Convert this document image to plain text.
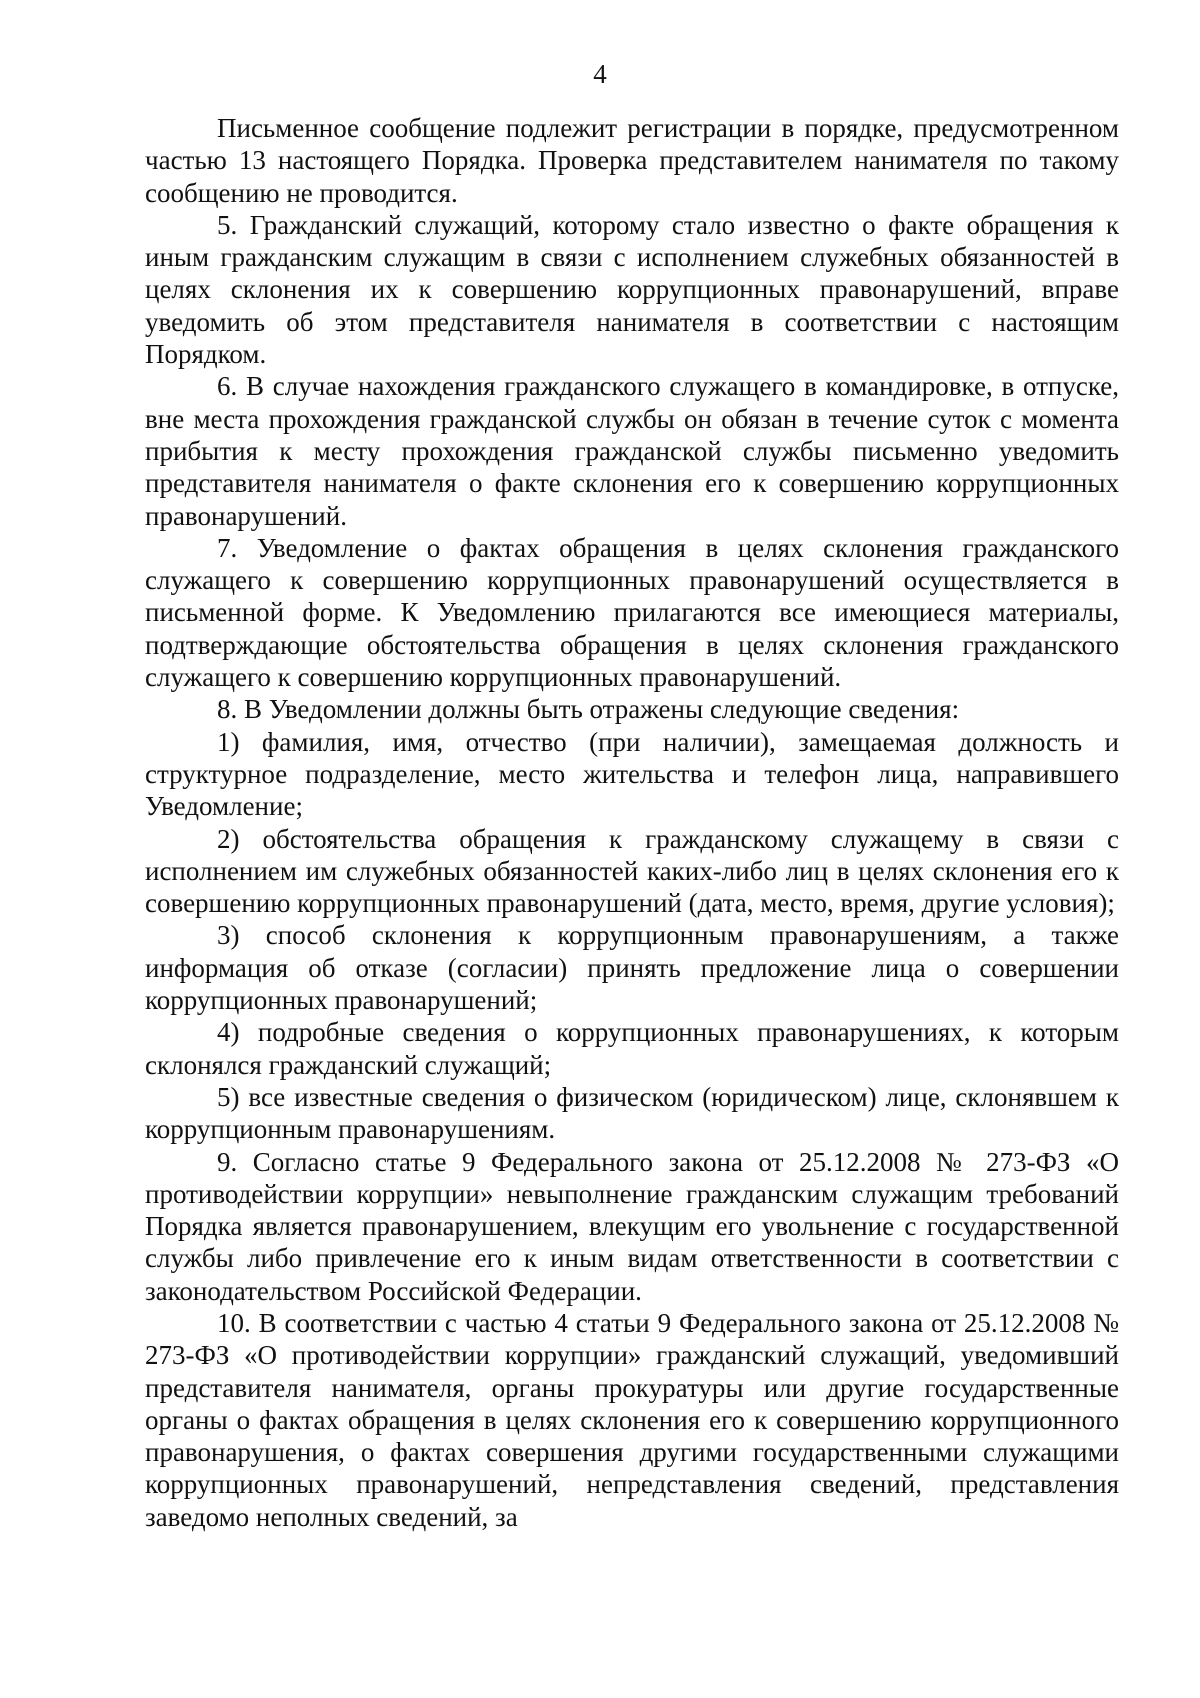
4

Письменное сообщение подлежит регистрации в порядке, предусмотренном частью 13 настоящего Порядка. Проверка представителем нанимателя по такому сообщению не проводится.

5. Гражданский служащий, которому стало известно о факте обращения к иным гражданским служащим в связи с исполнением служебных обязанностей в целях склонения их к совершению коррупционных правонарушений, вправе уведомить об этом представителя нанимателя в соответствии с настоящим Порядком.

6. В случае нахождения гражданского служащего в командировке, в отпуске, вне места прохождения гражданской службы он обязан в течение суток с момента прибытия к месту прохождения гражданской службы письменно уведомить представителя нанимателя о факте склонения его к совершению коррупционных правонарушений.

7. Уведомление о фактах обращения в целях склонения гражданского служащего к совершению коррупционных правонарушений осуществляется в письменной форме. К Уведомлению прилагаются все имеющиеся материалы, подтверждающие обстоятельства обращения в целях склонения гражданского служащего к совершению коррупционных правонарушений.

8. В Уведомлении должны быть отражены следующие сведения:

1) фамилия, имя, отчество (при наличии), замещаемая должность и структурное подразделение, место жительства и телефон лица, направившего Уведомление;

2) обстоятельства обращения к гражданскому служащему в связи с исполнением им служебных обязанностей каких-либо лиц в целях склонения его к совершению коррупционных правонарушений (дата, место, время, другие условия);

3) способ склонения к коррупционным правонарушениям, а также информация об отказе (согласии) принять предложение лица о совершении коррупционных правонарушений;

4) подробные сведения о коррупционных правонарушениях, к которым склонялся гражданский служащий;

5) все известные сведения о физическом (юридическом) лице, склонявшем к коррупционным правонарушениям.

9. Согласно статье 9 Федерального закона от 25.12.2008 № 273-ФЗ «О противодействии коррупции» невыполнение гражданским служащим требований Порядка является правонарушением, влекущим его увольнение с государственной службы либо привлечение его к иным видам ответственности в соответствии с законодательством Российской Федерации.

10. В соответствии с частью 4 статьи 9 Федерального закона от 25.12.2008 № 273-ФЗ «О противодействии коррупции» гражданский служащий, уведомивший представителя нанимателя, органы прокуратуры или другие государственные органы о фактах обращения в целях склонения его к совершению коррупционного правонарушения, о фактах совершения другими государственными служащими коррупционных правонарушений, непредставления сведений, представления заведомо неполных сведений, за
